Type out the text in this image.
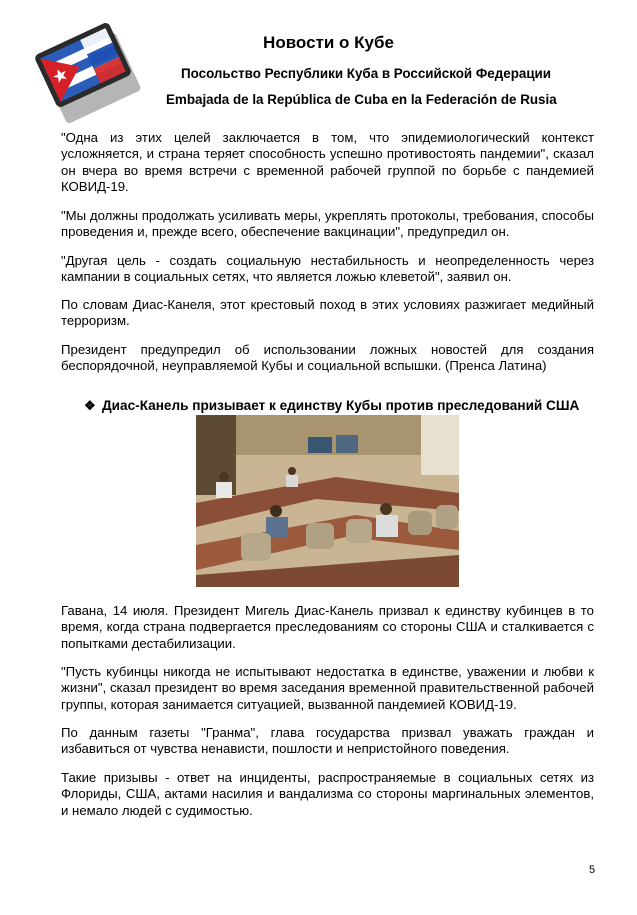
Новости о Кубе
Посольство Республики Куба в Российской Федерации
Embajada de la República de Cuba en la Federación de Rusia

"Одна из этих целей заключается в том, что эпидемиологический контекст усложняется, и страна теряет способность успешно противостоять пандемии", сказал он вчера во время встречи с временной рабочей группой по борьбе с пандемией КОВИД-19.

"Мы должны продолжать усиливать меры, укреплять протоколы, требования, способы проведения и, прежде всего, обеспечение вакцинации", предупредил он.

"Другая цель - создать социальную нестабильность и неопределенность через кампании в социальных сетях, что является ложью клеветой", заявил он.

По словам Диас-Канеля, этот крестовый поход в этих условиях разжигает медийный терроризм.

Президент предупредил об использовании ложных новостей для создания беспорядочной, неуправляемой Кубы и социальной вспышки. (Пренса Латина)

❖ Диас-Канель призывает к единству Кубы против преследований США

Гавана, 14 июля. Президент Мигель Диас-Канель призвал к единству кубинцев в то время, когда страна подвергается преследованиям со стороны США и сталкивается с попытками дестабилизации.

"Пусть кубинцы никогда не испытывают недостатка в единстве, уважении и любви к жизни", сказал президент во время заседания временной правительственной рабочей группы, которая занимается ситуацией, вызванной пандемией КОВИД-19.

По данным газеты "Гранма", глава государства призвал уважать граждан и избавиться от чувства ненависти, пошлости и непристойного поведения.

Такие призывы - ответ на инциденты, распространяемые в социальных сетях из Флориды, США, актами насилия и вандализма со стороны маргинальных элементов, и немало людей с судимостью.

5
